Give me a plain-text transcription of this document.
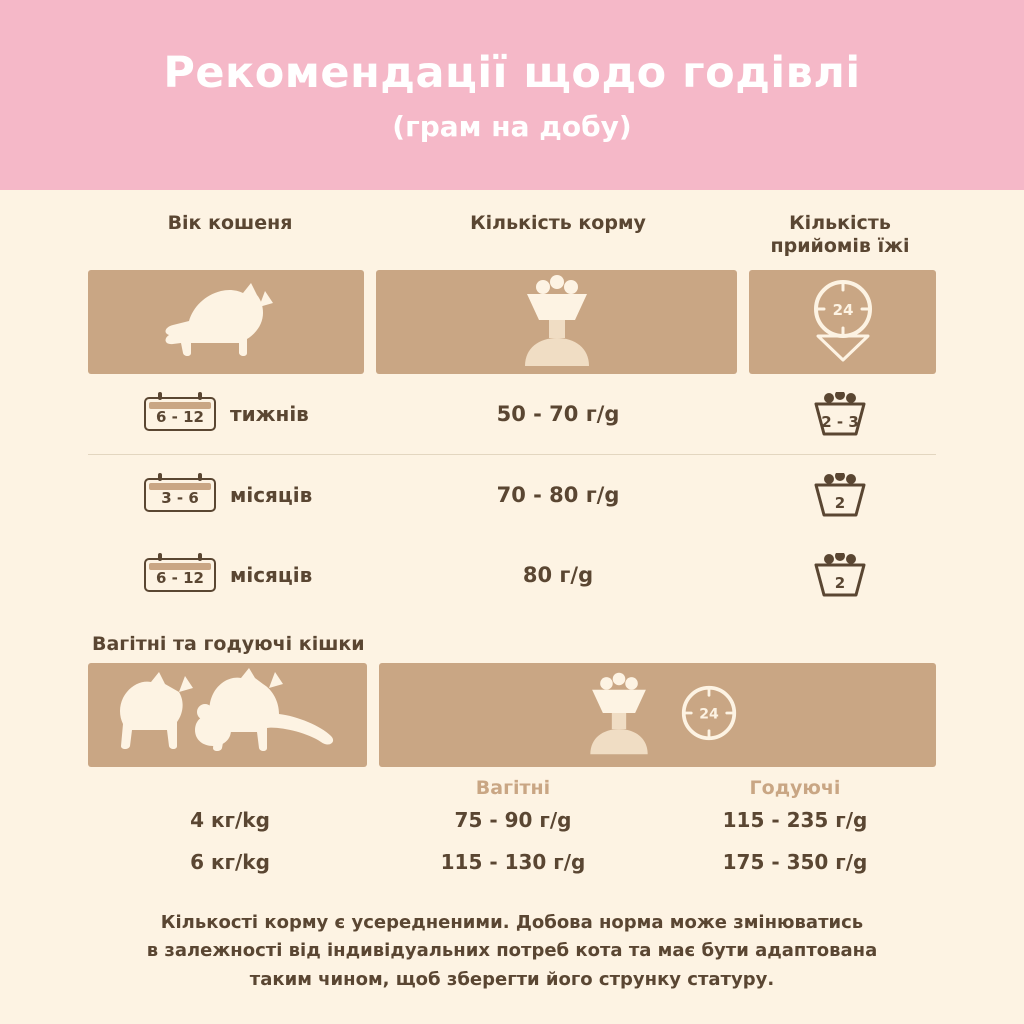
Рекомендації щодо годівлі
(грам на добу)
Вік кошеня	Кількість корму	Кількість
прийомів їжі
24
6 - 12 тижнів	50 - 70 г/g	2 - 3

3 - 6 місяців	70 - 80 г/g	2

6 - 12 місяців	80 г/g	2
Вагітні та годуючі кішки
24
	Вагітні	Годуючі
4 кг/kg	75 - 90 г/g	115 - 235 г/g
6 кг/kg	115 - 130 г/g	175 - 350 г/g
Кількості корму є усередненими. Добова норма може змінюватись
в залежності від індивідуальних потреб кота та має бути адаптована
таким чином, щоб зберегти його струнку статуру.
